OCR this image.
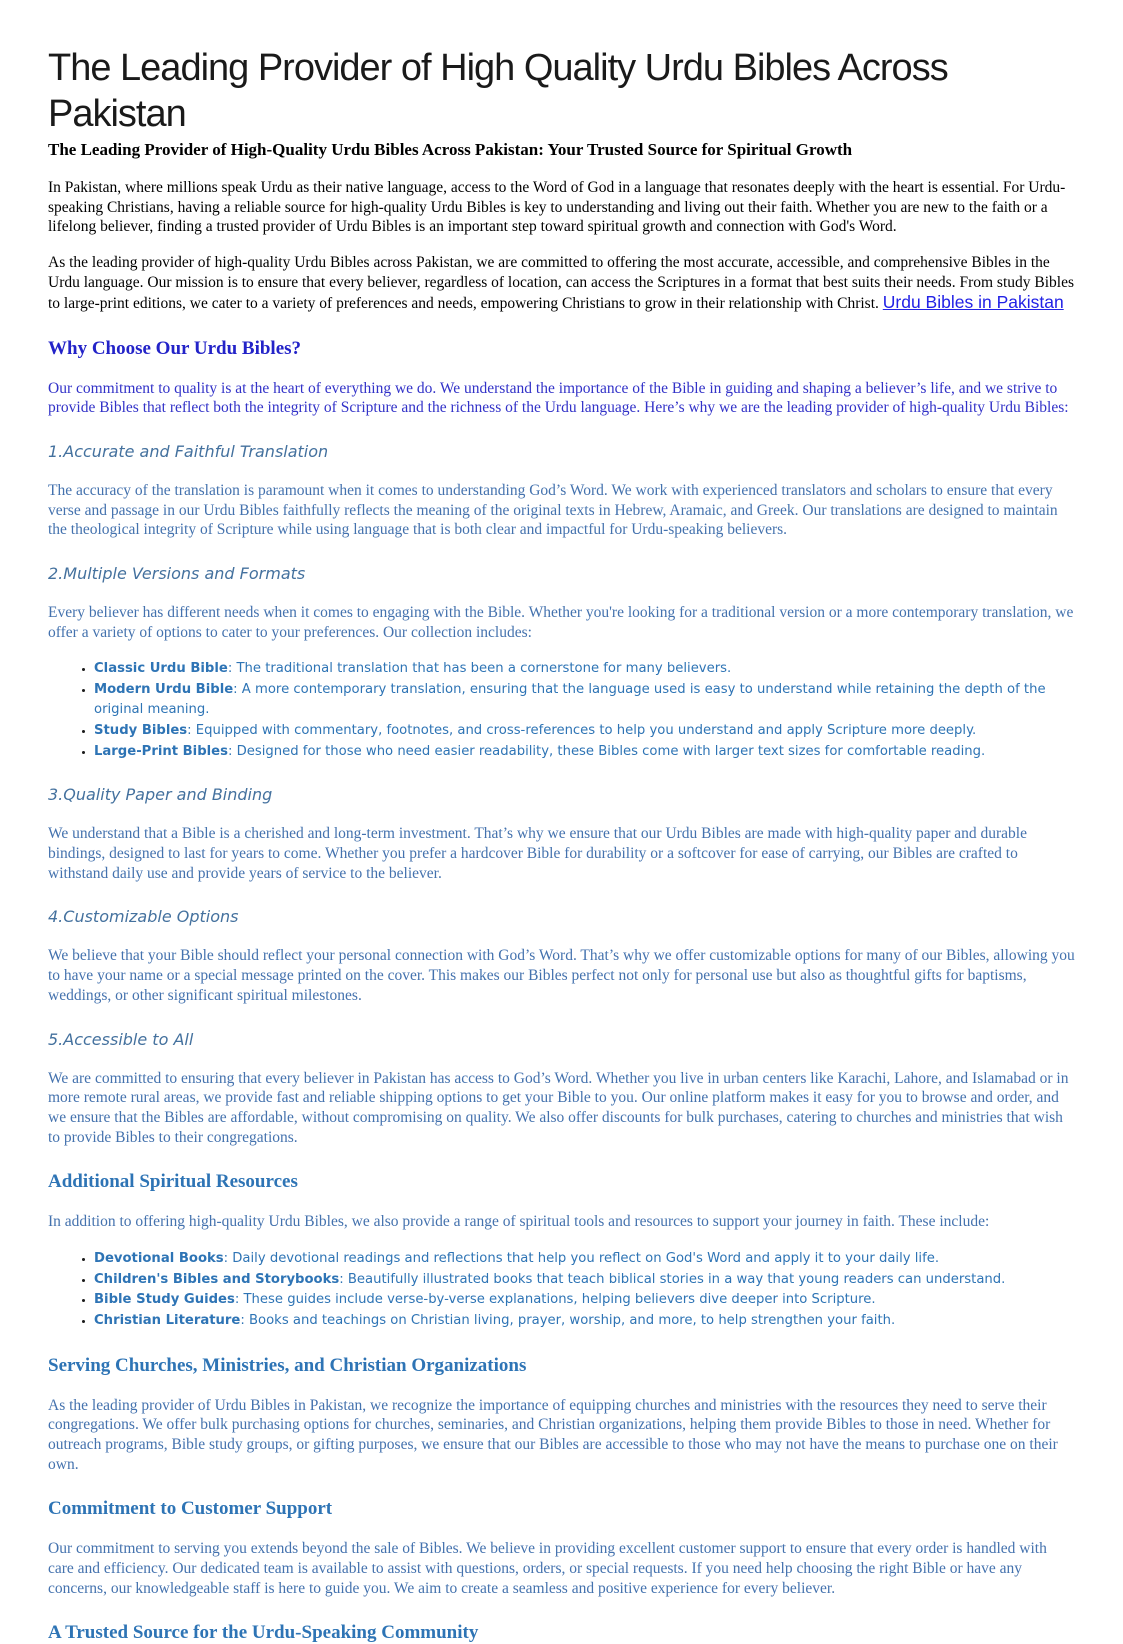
The Leading Provider of High Quality Urdu Bibles Across Pakistan

The Leading Provider of High-Quality Urdu Bibles Across Pakistan: Your Trusted Source for Spiritual Growth

In Pakistan, where millions speak Urdu as their native language, access to the Word of God in a language that resonates deeply with the heart is essential. For Urdu-speaking Christians, having a reliable source for high-quality Urdu Bibles is key to understanding and living out their faith. Whether you are new to the faith or a lifelong believer, finding a trusted provider of Urdu Bibles is an important step toward spiritual growth and connection with God's Word.

As the leading provider of high-quality Urdu Bibles across Pakistan, we are committed to offering the most accurate, accessible, and comprehensive Bibles in the Urdu language. Our mission is to ensure that every believer, regardless of location, can access the Scriptures in a format that best suits their needs. From study Bibles to large-print editions, we cater to a variety of preferences and needs, empowering Christians to grow in their relationship with Christ. Urdu Bibles in Pakistan

Why Choose Our Urdu Bibles?

Our commitment to quality is at the heart of everything we do. We understand the importance of the Bible in guiding and shaping a believer’s life, and we strive to provide Bibles that reflect both the integrity of Scripture and the richness of the Urdu language. Here’s why we are the leading provider of high-quality Urdu Bibles:

1.Accurate and Faithful Translation

The accuracy of the translation is paramount when it comes to understanding God’s Word. We work with experienced translators and scholars to ensure that every verse and passage in our Urdu Bibles faithfully reflects the meaning of the original texts in Hebrew, Aramaic, and Greek. Our translations are designed to maintain the theological integrity of Scripture while using language that is both clear and impactful for Urdu-speaking believers.

2.Multiple Versions and Formats

Every believer has different needs when it comes to engaging with the Bible. Whether you're looking for a traditional version or a more contemporary translation, we offer a variety of options to cater to your preferences. Our collection includes:

• Classic Urdu Bible: The traditional translation that has been a cornerstone for many believers.
• Modern Urdu Bible: A more contemporary translation, ensuring that the language used is easy to understand while retaining the depth of the original meaning.
• Study Bibles: Equipped with commentary, footnotes, and cross-references to help you understand and apply Scripture more deeply.
• Large-Print Bibles: Designed for those who need easier readability, these Bibles come with larger text sizes for comfortable reading.
3.Quality Paper and Binding

We understand that a Bible is a cherished and long-term investment. That’s why we ensure that our Urdu Bibles are made with high-quality paper and durable bindings, designed to last for years to come. Whether you prefer a hardcover Bible for durability or a softcover for ease of carrying, our Bibles are crafted to withstand daily use and provide years of service to the believer.

4.Customizable Options

We believe that your Bible should reflect your personal connection with God’s Word. That’s why we offer customizable options for many of our Bibles, allowing you to have your name or a special message printed on the cover. This makes our Bibles perfect not only for personal use but also as thoughtful gifts for baptisms, weddings, or other significant spiritual milestones.

5.Accessible to All

We are committed to ensuring that every believer in Pakistan has access to God’s Word. Whether you live in urban centers like Karachi, Lahore, and Islamabad or in more remote rural areas, we provide fast and reliable shipping options to get your Bible to you. Our online platform makes it easy for you to browse and order, and we ensure that the Bibles are affordable, without compromising on quality. We also offer discounts for bulk purchases, catering to churches and ministries that wish to provide Bibles to their congregations.

Additional Spiritual Resources

In addition to offering high-quality Urdu Bibles, we also provide a range of spiritual tools and resources to support your journey in faith. These include:

• Devotional Books: Daily devotional readings and reflections that help you reflect on God's Word and apply it to your daily life.
• Children's Bibles and Storybooks: Beautifully illustrated books that teach biblical stories in a way that young readers can understand.
• Bible Study Guides: These guides include verse-by-verse explanations, helping believers dive deeper into Scripture.
• Christian Literature: Books and teachings on Christian living, prayer, worship, and more, to help strengthen your faith.
Serving Churches, Ministries, and Christian Organizations

As the leading provider of Urdu Bibles in Pakistan, we recognize the importance of equipping churches and ministries with the resources they need to serve their congregations. We offer bulk purchasing options for churches, seminaries, and Christian organizations, helping them provide Bibles to those in need. Whether for outreach programs, Bible study groups, or gifting purposes, we ensure that our Bibles are accessible to those who may not have the means to purchase one on their own.

Commitment to Customer Support

Our commitment to serving you extends beyond the sale of Bibles. We believe in providing excellent customer support to ensure that every order is handled with care and efficiency. Our dedicated team is available to assist with questions, orders, or special requests. If you need help choosing the right Bible or have any concerns, our knowledgeable staff is here to guide you. We aim to create a seamless and positive experience for every believer.

A Trusted Source for the Urdu-Speaking Community
